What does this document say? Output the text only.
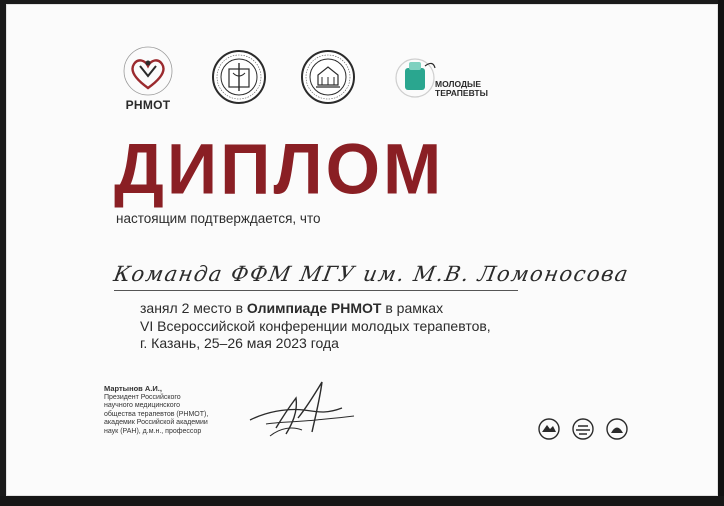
РНМОТ
МОЛОДЫЕ
ТЕРАПЕВТЫ
ДИПЛОМ
настоящим подтверждается, что
Команда ФФМ МГУ им. М.В. Ломоносова
занял 2 место в Олимпиаде РНМОТ в рамках
VI Всероссийской конференции молодых терапевтов,
г. Казань, 25–26 мая 2023 года
Мартынов А.И.,
Президент Российского
научного медицинского
общества терапевтов (РНМОТ),
академик Российской академии
наук (РАН), д.м.н., профессор
